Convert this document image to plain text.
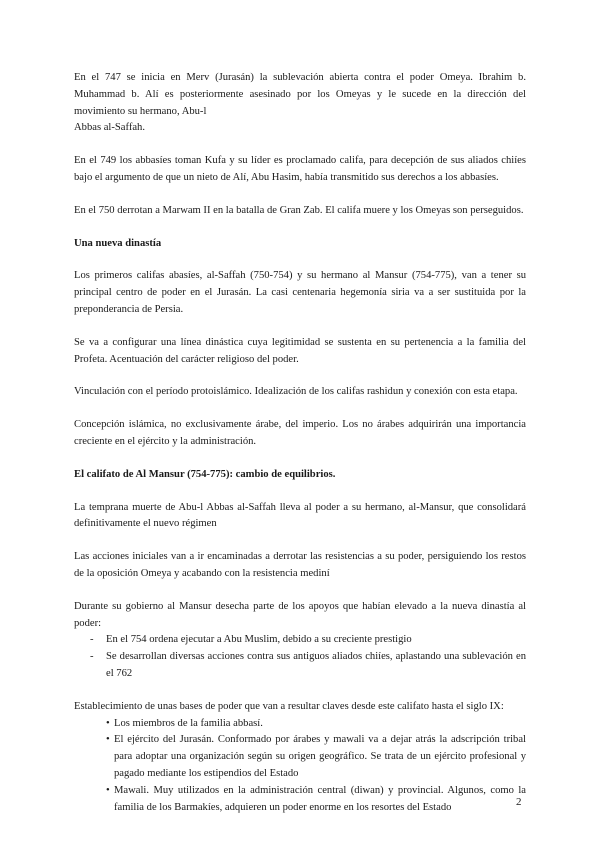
En el 747 se inicia en Merv (Jurasán) la sublevación abierta contra el poder Omeya. Ibrahim b. Muhammad b. Alí es posteriormente asesinado por los Omeyas y le sucede en la dirección del movimiento su hermano, Abu-l

Abbas al-Saffah.

En el 749 los abbasíes toman Kufa y su líder es proclamado califa, para decepción de sus aliados chiíes bajo el argumento de que un nieto de Alí, Abu Hasim, había transmitido sus derechos a los abbasíes.

En el 750 derrotan a Marwam II en la batalla de Gran Zab. El califa muere y los Omeyas son perseguidos.

Una nueva dinastía

Los primeros califas abasíes, al-Saffah (750-754) y su hermano al Mansur (754-775), van a tener su principal centro de poder en el Jurasán. La casi centenaria hegemonía siria va a ser sustituida por la preponderancia de Persia.

Se va a configurar una línea dinástica cuya legitimidad se sustenta en su pertenencia a la familia del Profeta. Acentuación del carácter religioso del poder.

Vinculación con el período protoislámico. Idealización de los califas rashidun y conexión con esta etapa.

Concepción islámica, no exclusivamente árabe, del imperio. Los no árabes adquirirán una importancia creciente en el ejército y la administración.

El califato de Al Mansur (754-775): cambio de equilibrios.

La temprana muerte de Abu-l Abbas al-Saffah lleva al poder a su hermano, al-Mansur, que consolidará definitivamente el nuevo régimen

Las acciones iniciales van a ir encaminadas a derrotar las resistencias a su poder, persiguiendo los restos de la oposición Omeya y acabando con la resistencia mediní

Durante su gobierno al Mansur desecha parte de los apoyos que habían elevado a la nueva dinastía al poder:

- En el 754 ordena ejecutar a Abu Muslim, debido a su creciente prestigio
- Se desarrollan diversas acciones contra sus antiguos aliados chiíes, aplastando una sublevación en el 762

Establecimiento de unas bases de poder que van a resultar claves desde este califato hasta el siglo IX:

• Los miembros de la familia abbasí.
• El ejército del Jurasán. Conformado por árabes y mawali va a dejar atrás la adscripción tribal para adoptar una organización según su origen geográfico. Se trata de un ejército profesional y pagado mediante los estipendios del Estado
• Mawali. Muy utilizados en la administración central (diwan) y provincial. Algunos, como la familia de los Barmakíes, adquieren un poder enorme en los resortes del Estado	2
